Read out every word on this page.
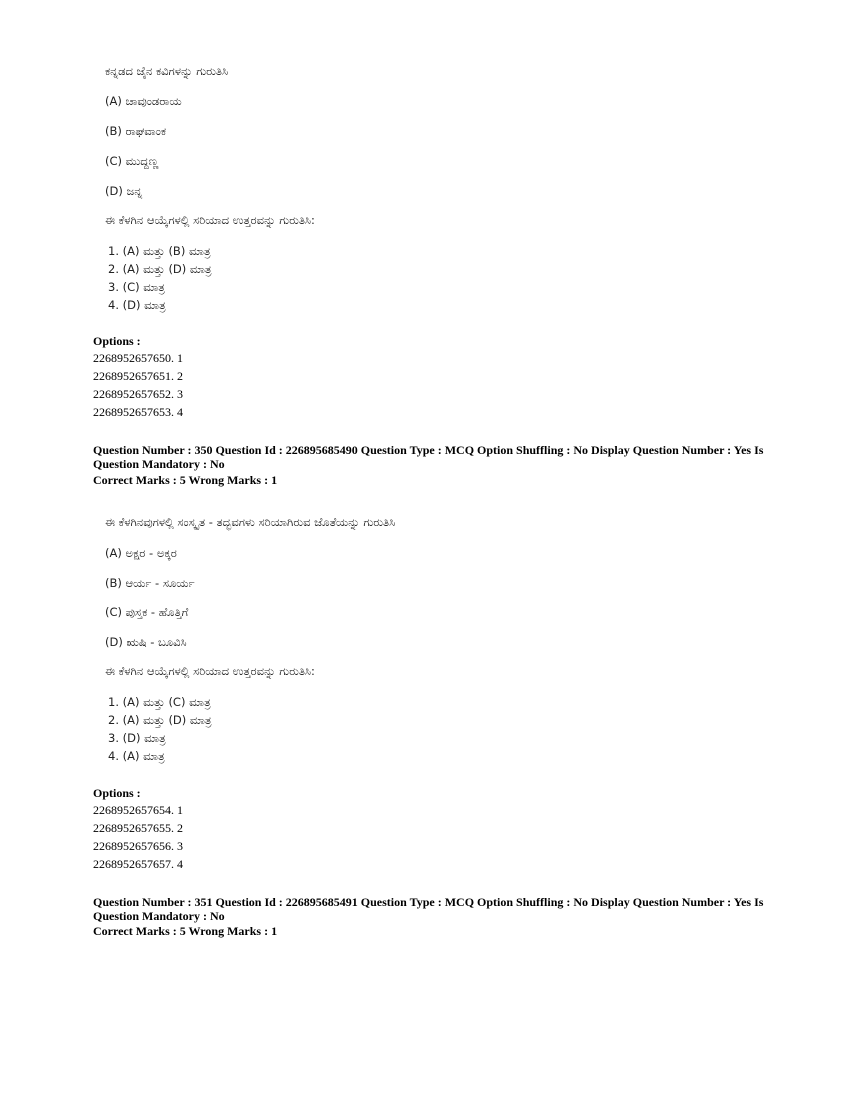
ಕನ್ನಡದ ಜೈನ ಕವಿಗಳನ್ನು ಗುರುತಿಸಿ
(A) ಚಾವುಂಡರಾಯ
(B) ರಾಘವಾಂಕ
(C) ಮುದ್ದಣ್ಣ
(D) ಜನ್ನ
ಈ ಕೆಳಗಿನ ಆಯ್ಕೆಗಳಲ್ಲಿ ಸರಿಯಾದ ಉತ್ತರವನ್ನು ಗುರುತಿಸಿ:
1. (A) ಮತ್ತು (B) ಮಾತ್ರ
2. (A) ಮತ್ತು (D) ಮಾತ್ರ
3. (C) ಮಾತ್ರ
4. (D) ಮಾತ್ರ
Options :
2268952657650. 1
2268952657651. 2
2268952657652. 3
2268952657653. 4
Question Number : 350 Question Id : 226895685490 Question Type : MCQ Option Shuffling : No Display Question Number : Yes Is Question Mandatory : No
Correct Marks : 5 Wrong Marks : 1
ಈ ಕೆಳಗಿನವುಗಳಲ್ಲಿ ಸಂಸ್ಕೃತ - ತದ್ಭವಗಳು ಸರಿಯಾಗಿರುವ ಜೊತೆಯನ್ನು ಗುರುತಿಸಿ
(A) ಅಕ್ಷರ - ಅಕ್ಕರ
(B) ಆರ್ಯ - ಸೂರ್ಯ
(C) ಪುಸ್ತಕ - ಹೊತ್ತಿಗೆ
(D) ಋಷಿ - ಬೂವಿಸಿ
ಈ ಕೆಳಗಿನ ಆಯ್ಕೆಗಳಲ್ಲಿ ಸರಿಯಾದ ಉತ್ತರವನ್ನು ಗುರುತಿಸಿ:
1. (A) ಮತ್ತು (C) ಮಾತ್ರ
2. (A) ಮತ್ತು (D) ಮಾತ್ರ
3. (D) ಮಾತ್ರ
4. (A) ಮಾತ್ರ
Options :
2268952657654. 1
2268952657655. 2
2268952657656. 3
2268952657657. 4
Question Number : 351 Question Id : 226895685491 Question Type : MCQ Option Shuffling : No Display Question Number : Yes Is Question Mandatory : No
Correct Marks : 5 Wrong Marks : 1
